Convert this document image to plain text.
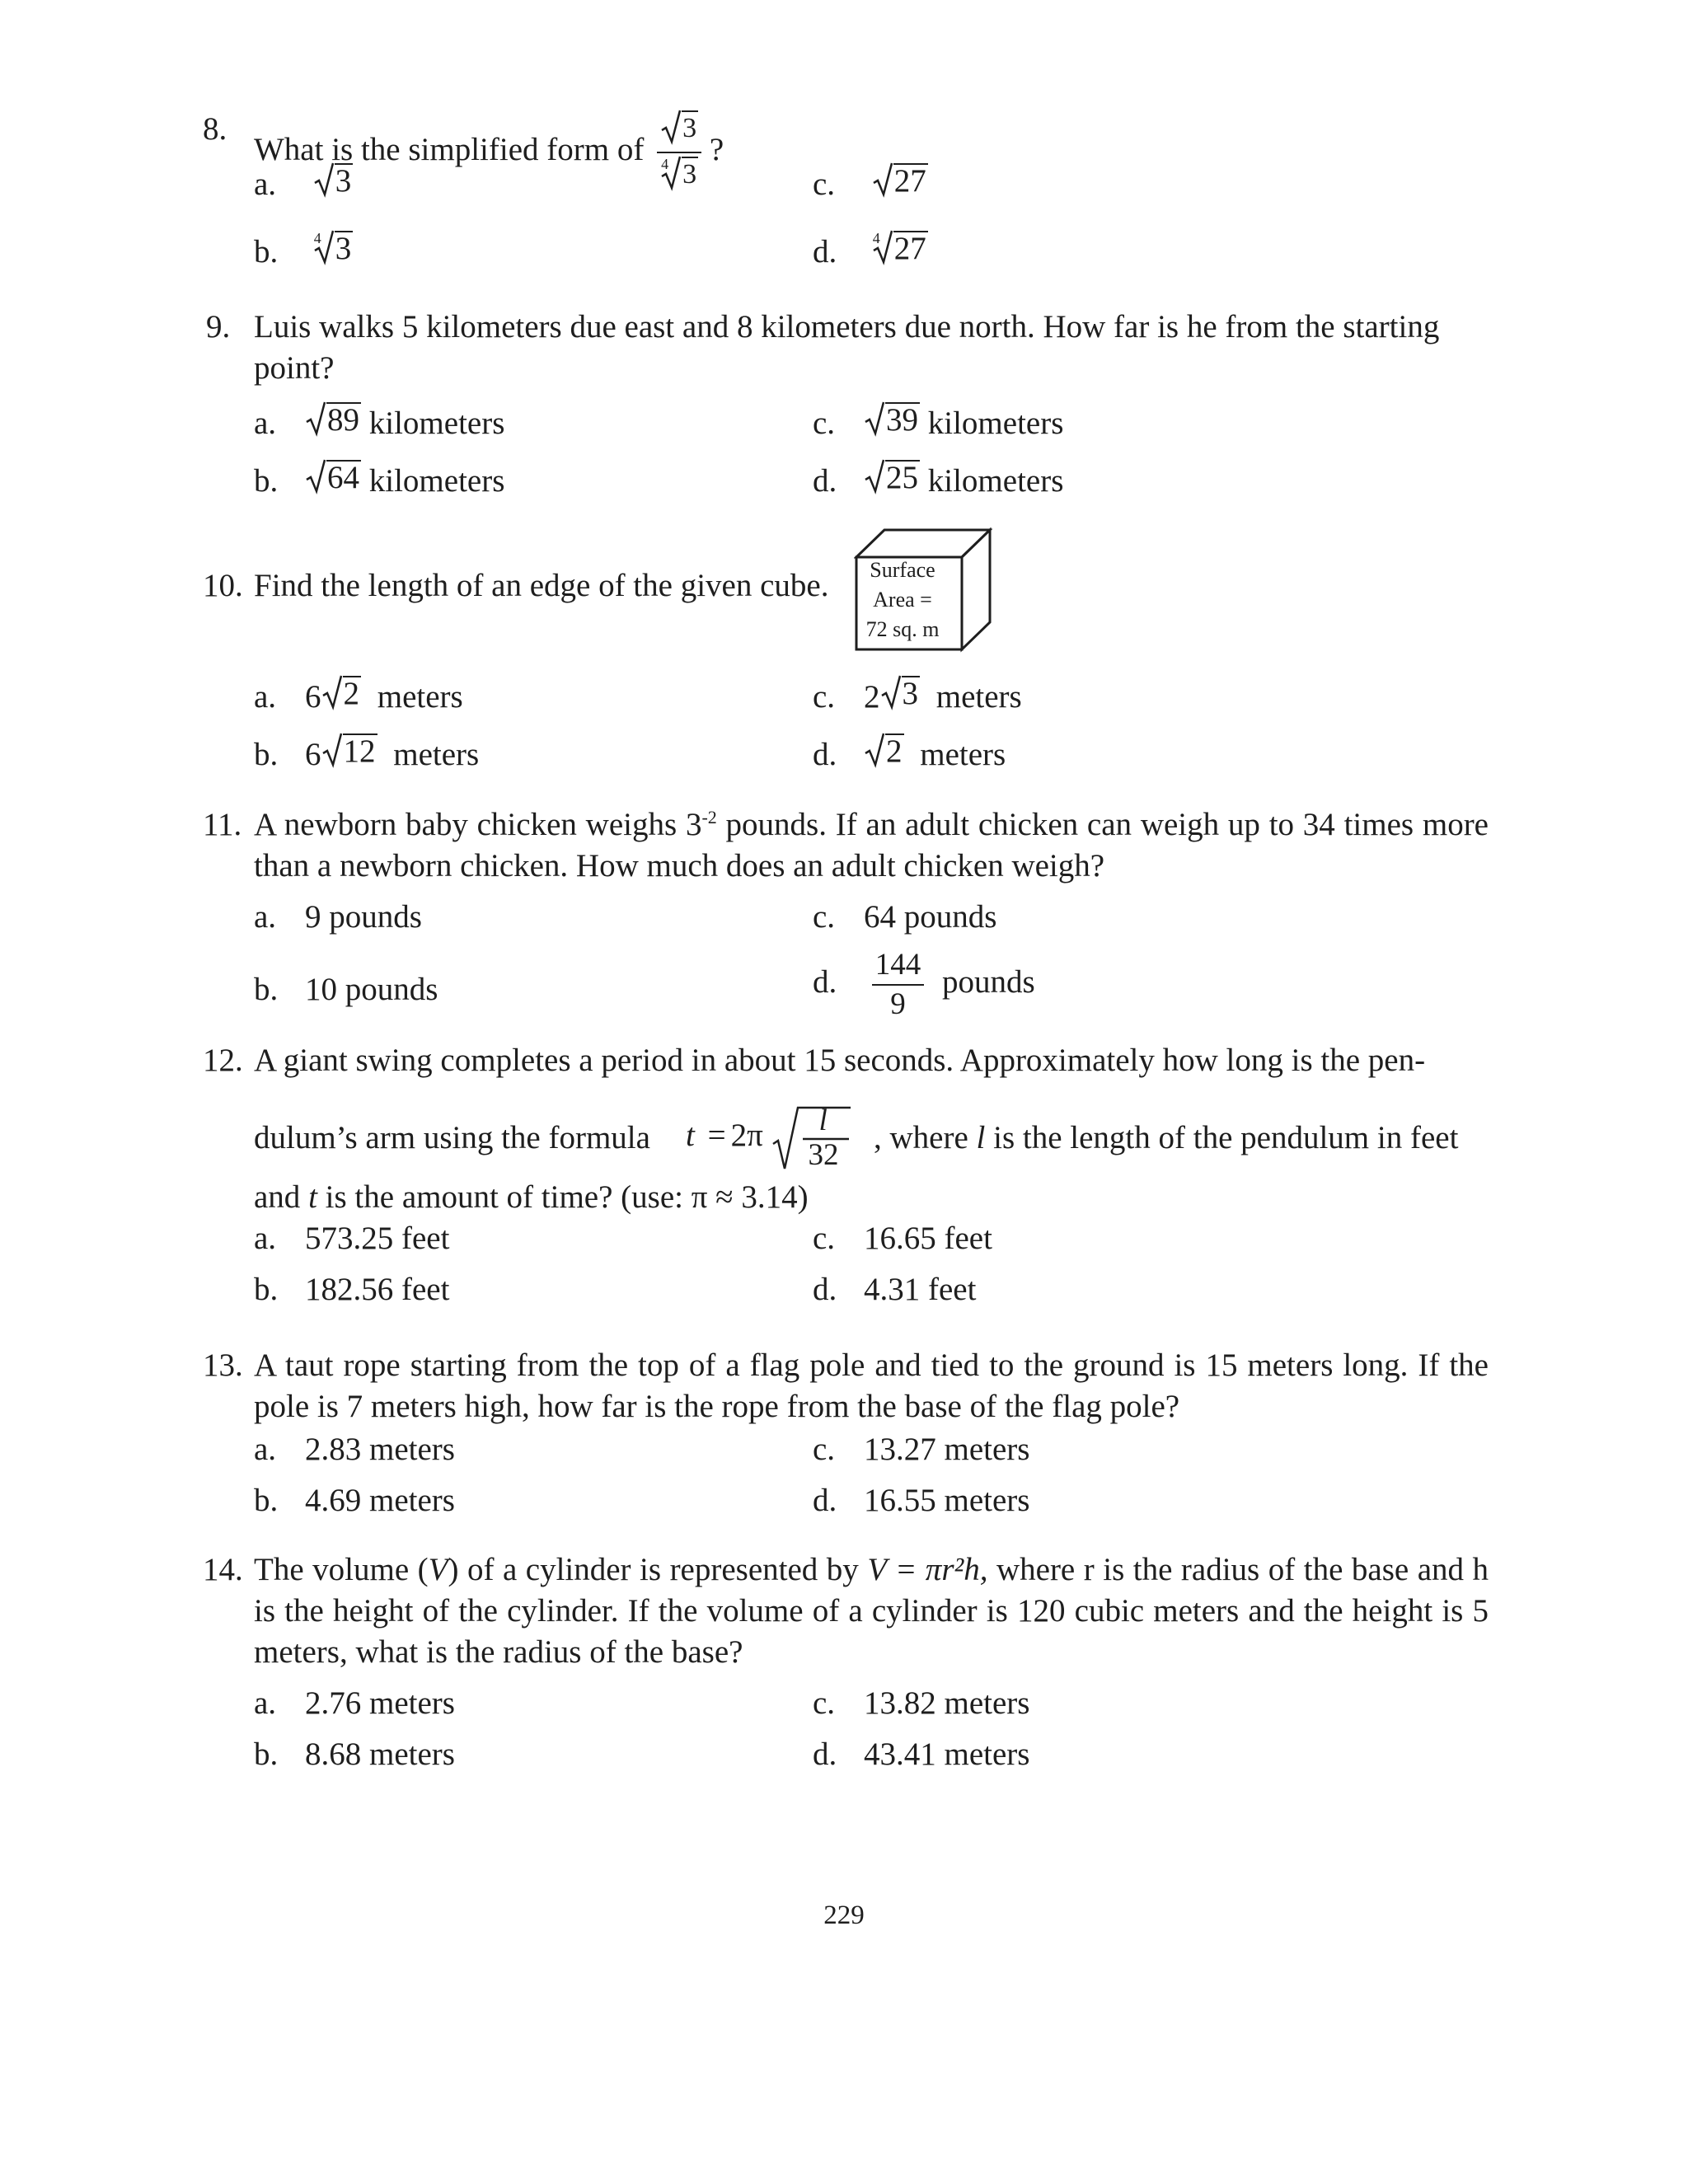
8.
What is the simplified form of $\frac{3}{4 3}$ ?
a. 3
b. 4 3
c. 27
d. 4 27
9. Luis walks 5 kilometers due east and 8 kilometers due north. How far is he from the starting point?
a. 89 kilometers
b. 64 kilometers
c. 39 kilometers
d. 25 kilometers
10. Find the length of an edge of the given cube.	Surface
Area =
72 sq. m
a. 6 2 meters
b. 6 12 meters
c. 2 3 meters
d. 2 meters
11. A newborn baby chicken weighs $3^{-2}$ pounds. If an adult chicken can weigh up to 34 times more than a newborn chicken. How much does an adult chicken weigh?
a. 9 pounds
b. 10 pounds
c. 64 pounds
d. $\frac{144}{9}$ pounds
12. A giant swing completes a period in about 15 seconds. Approximately how long is the pen-
dulum’s arm using the formula t = 2π l
32 , where l is the length of the pendulum in feet
and t is the amount of time? (use: π ≈ 3.14)
a. 573.25 feet
b. 182.56 feet
c. 16.65 feet
d. 4.31 feet
13. A taut rope starting from the top of a flag pole and tied to the ground is 15 meters long. If the pole is 7 meters high, how far is the rope from the base of the flag pole?
a. 2.83 meters
b. 4.69 meters
c. 13.27 meters
d. 16.55 meters
14. The volume (V) of a cylinder is represented by V = πr²h, where r is the radius of the base and h is the height of the cylinder. If the volume of a cylinder is 120 cubic meters and the height is 5 meters, what is the radius of the base?
a. 2.76 meters
b. 8.68 meters
c. 13.82 meters
d. 43.41 meters
229
